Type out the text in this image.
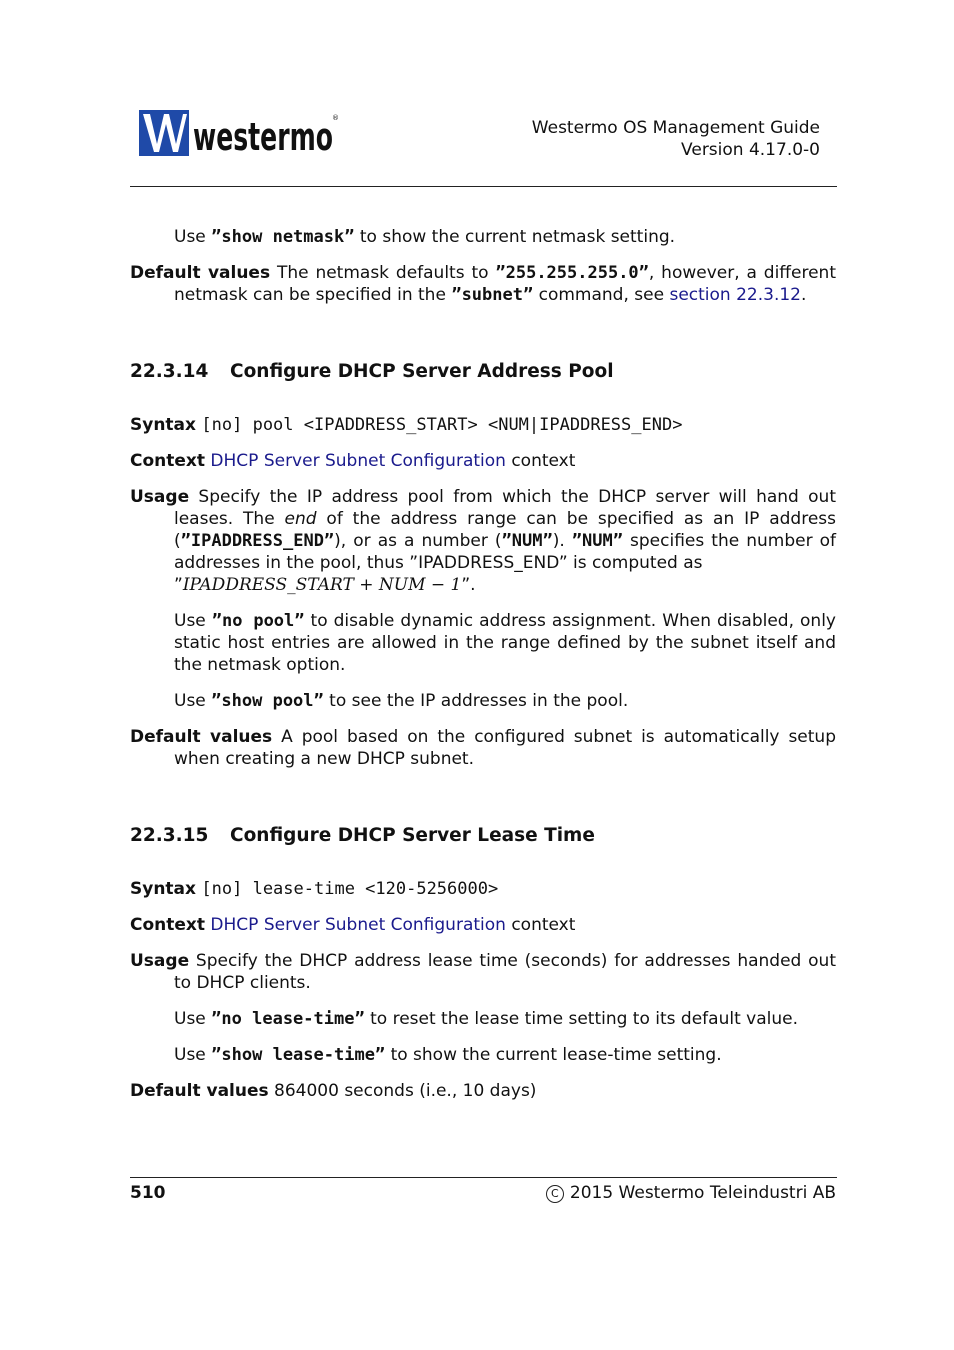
westermo ®	Westermo OS Management Guide
Version 4.17.0-0

Use ”show netmask” to show the current netmask setting.

Default values The netmask defaults to ”255.255.255.0”, however, a different netmask can be specified in the ”subnet” command, see section 22.3.12.

22.3.14 Configure DHCP Server Address Pool

Syntax [no] pool <IPADDRESS_START> <NUM|IPADDRESS_END>

Context DHCP Server Subnet Configuration context

Usage Specify the IP address pool from which the DHCP server will hand out leases. The end of the address range can be specified as an IP address (”IPADDRESS_END”), or as a number (”NUM”). ”NUM” specifies the number of addresses in the pool, thus ”IPADDRESS_END” is computed as
”IPADDRESS_START + NUM − 1”.

Use ”no pool” to disable dynamic address assignment. When disabled, only static host entries are allowed in the range defined by the subnet itself and the netmask option.

Use ”show pool” to see the IP addresses in the pool.

Default values A pool based on the configured subnet is automatically setup when creating a new DHCP subnet.

22.3.15 Configure DHCP Server Lease Time

Syntax [no] lease-time <120-5256000>

Context DHCP Server Subnet Configuration context

Usage Specify the DHCP address lease time (seconds) for addresses handed out to DHCP clients.

Use ”no lease-time” to reset the lease time setting to its default value.

Use ”show lease-time” to show the current lease-time setting.

Default values 864000 seconds (i.e., 10 days)

510	C 2015 Westermo Teleindustri AB
